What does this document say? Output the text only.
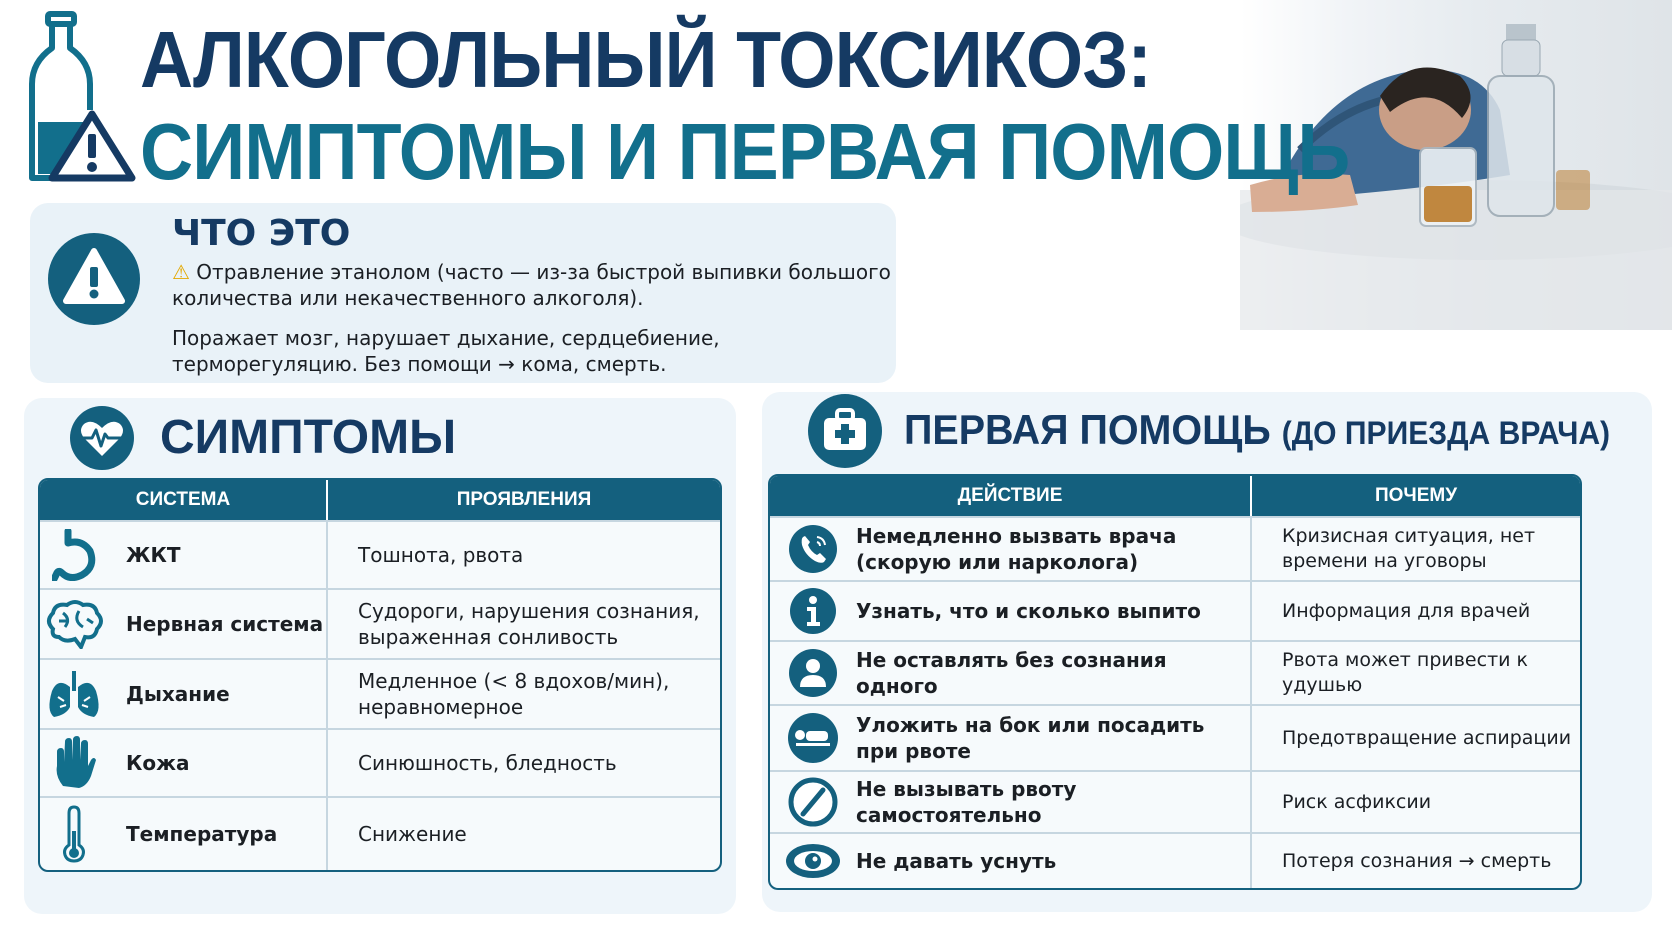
АЛКОГОЛЬНЫЙ ТОКСИКОЗ:
СИМПТОМЫ И ПЕРВАЯ ПОМОЩЬ
ЧТО ЭТО
⚠ Отравление этанолом (часто — из-за быстрой выпивки большого количества или некачественного алкоголя).
Поражает мозг, нарушает дыхание, сердцебиение, терморегуляцию. Без помощи → кома, смерть.
СИМПТОМЫ
СИСТЕМА	ПРОЯВЛЕНИЯ

ЖКТ	Тошнота, рвота

Нервная система	Судороги, нарушения сознания, выраженная сонливость

Дыхание	Медленное (< 8 вдохов/мин), неравномерное

Кожа	Синюшность, бледность

Температура	Снижение
ПЕРВАЯ ПОМОЩЬ (ДО ПРИЕЗДА ВРАЧА)
ДЕЙСТВИЕ	ПОЧЕМУ

Немедленно вызвать врача (скорую или нарколога)	Кризисная ситуация, нет времени на уговоры

Узнать, что и сколько выпито	Информация для врачей

Не оставлять без сознания одного	Рвота может привести к удушью

Уложить на бок или посадить при рвоте	Предотвращение аспирации

Не вызывать рвоту самостоятельно	Риск асфиксии

Не давать уснуть	Потеря сознания → смерть
